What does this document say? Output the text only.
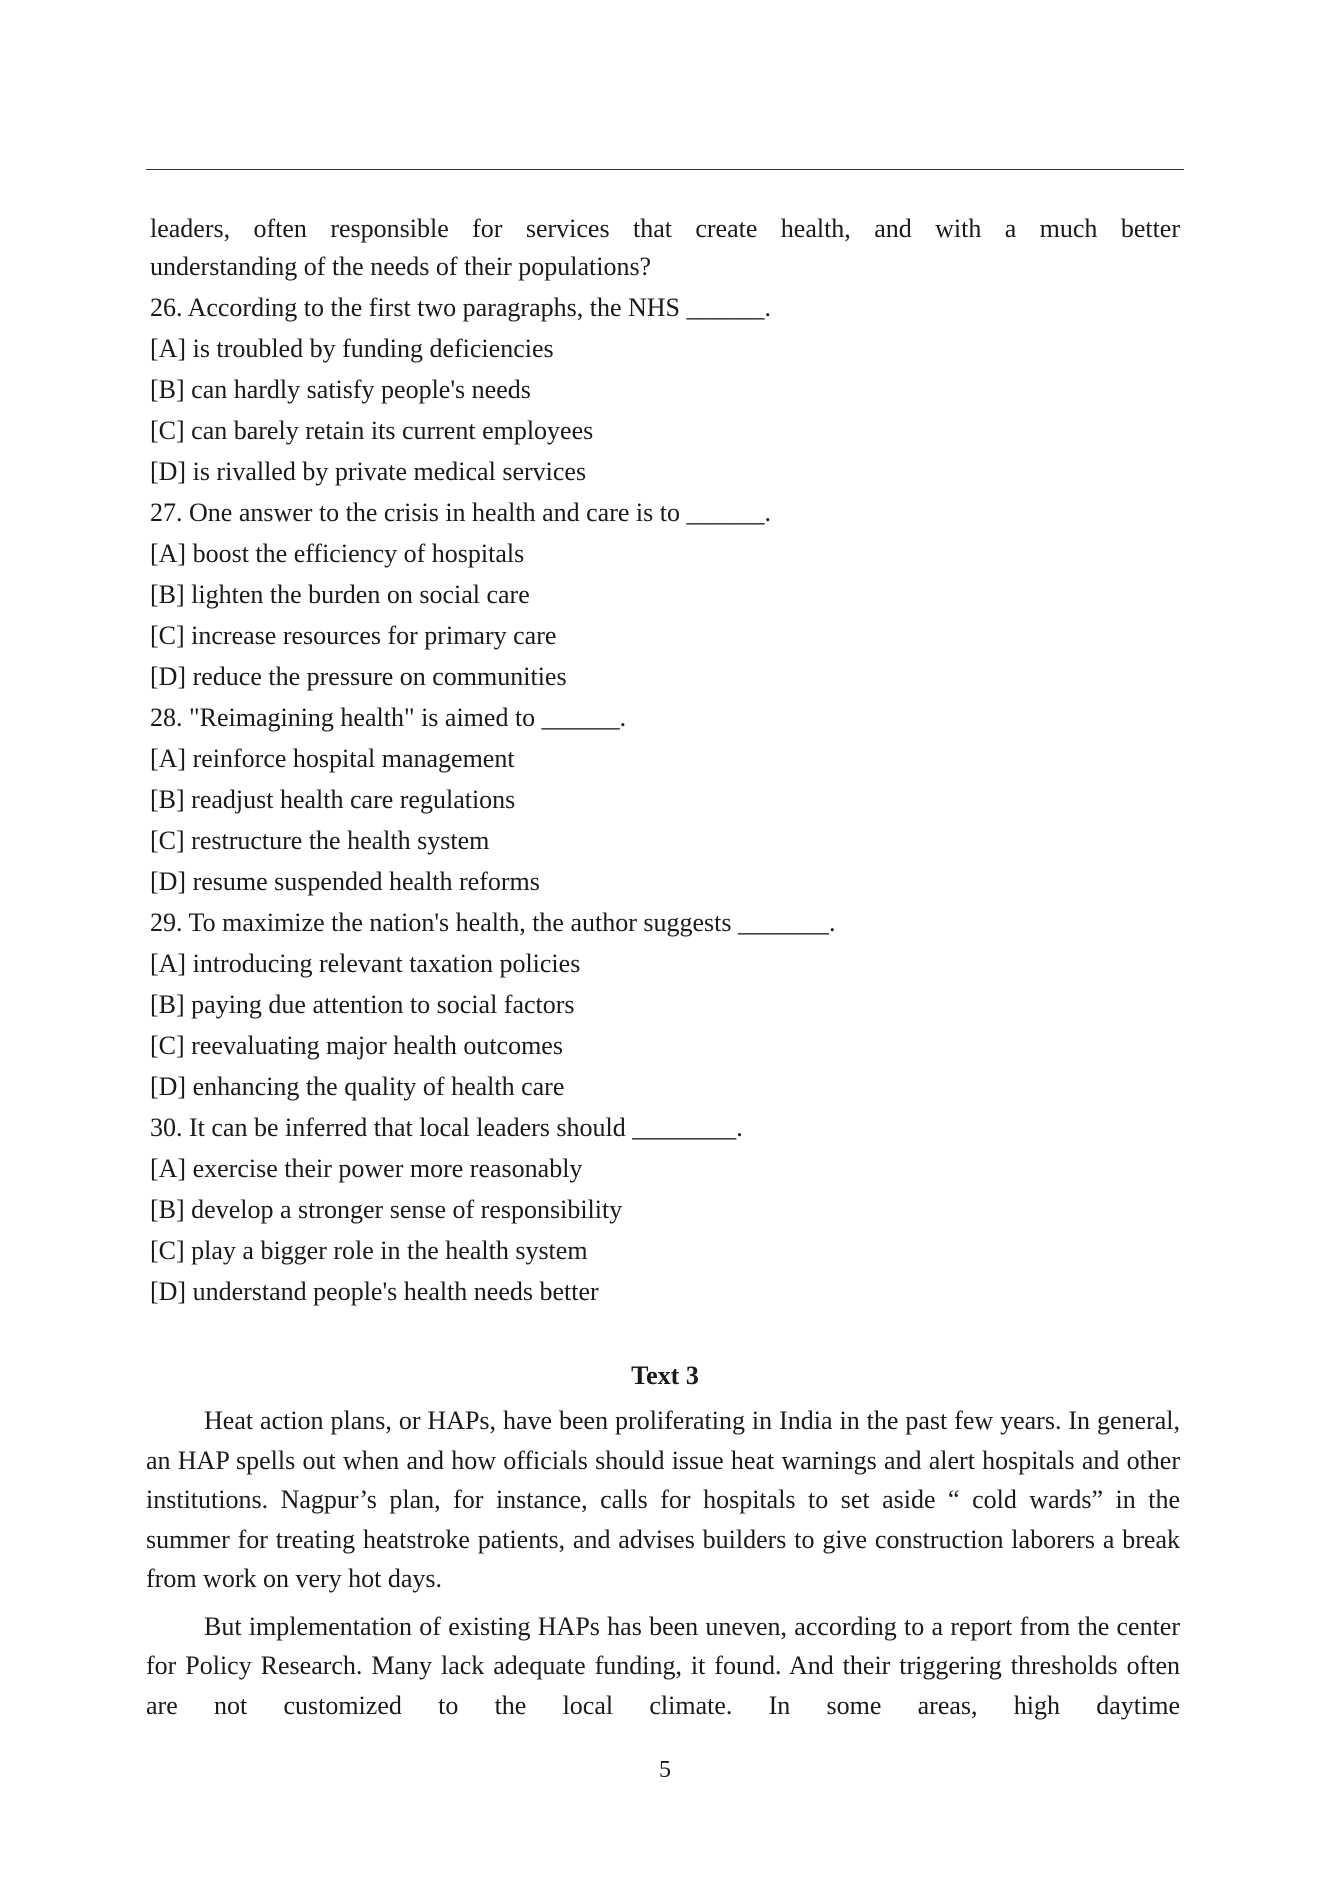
leaders, often responsible for services that create health, and with a much better
understanding of the needs of their populations?
26. According to the first two paragraphs, the NHS ______.
[A] is troubled by funding deficiencies
[B] can hardly satisfy people's needs
[C] can barely retain its current employees
[D] is rivalled by private medical services
27. One answer to the crisis in health and care is to ______.
[A] boost the efficiency of hospitals
[B] lighten the burden on social care
[C] increase resources for primary care
[D] reduce the pressure on communities
28. "Reimagining health" is aimed to ______.
[A] reinforce hospital management
[B] readjust health care regulations
[C] restructure the health system
[D] resume suspended health reforms
29. To maximize the nation's health, the author suggests _______.
[A] introducing relevant taxation policies
[B] paying due attention to social factors
[C] reevaluating major health outcomes
[D] enhancing the quality of health care
30. It can be inferred that local leaders should ________.
[A] exercise their power more reasonably
[B] develop a stronger sense of responsibility
[C] play a bigger role in the health system
[D] understand people's health needs better
Text 3

Heat action plans, or HAPs, have been proliferating in India in the past few years. In general, an HAP spells out when and how officials should issue heat warnings and alert hospitals and other institutions. Nagpur’s plan, for instance, calls for hospitals to set aside “ cold wards” in the summer for treating heatstroke patients, and advises builders to give construction laborers a break from work on very hot days.

But implementation of existing HAPs has been uneven, according to a report from the center for Policy Research. Many lack adequate funding, it found. And their triggering thresholds often are not customized to the local climate. In some areas, high daytime

5
